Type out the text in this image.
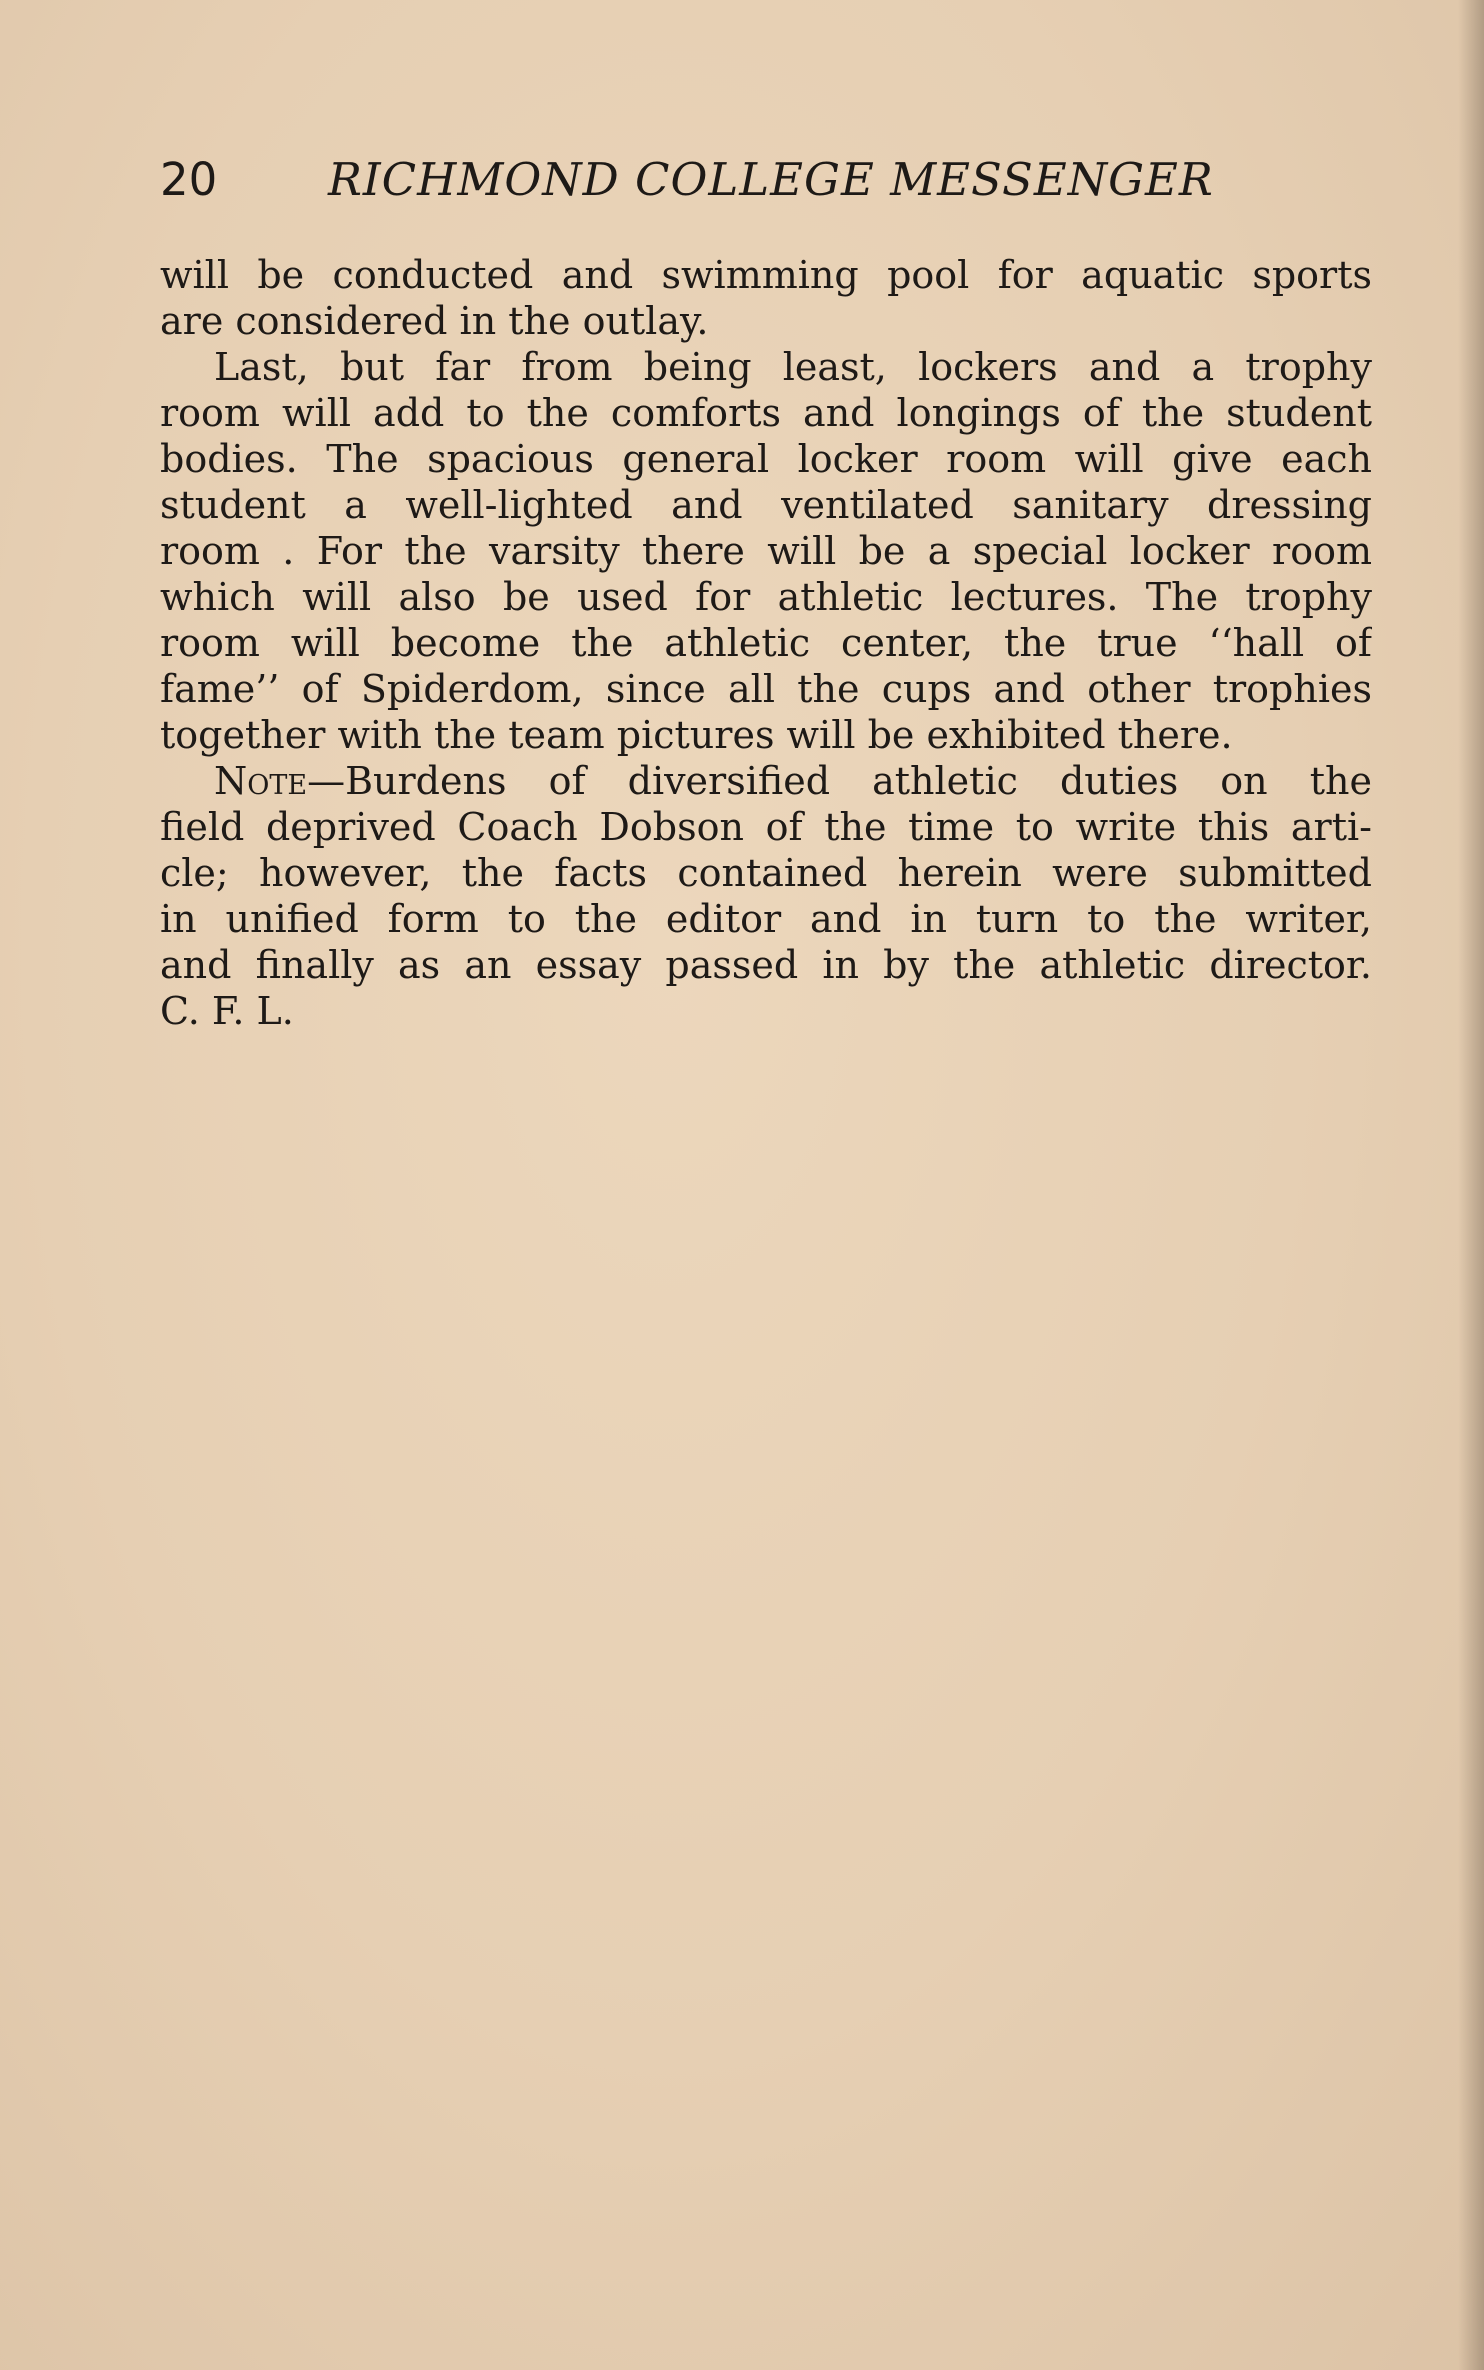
20 RICHMOND COLLEGE MESSENGER
will be conducted and swimming pool for aquatic sports
are considered in the outlay.
Last, but far from being least, lockers and a trophy
room will add to the comforts and longings of the student
bodies. The spacious general locker room will give each
student a well-lighted and ventilated sanitary dressing
room . For the varsity there will be a special locker room
which will also be used for athletic lectures. The trophy
room will become the athletic center, the true ‘‘hall of
fame’’ of Spiderdom, since all the cups and other trophies
together with the team pictures will be exhibited there.
Note—Burdens of diversified athletic duties on the
field deprived Coach Dobson of the time to write this arti-
cle; however, the facts contained herein were submitted
in unified form to the editor and in turn to the writer,
and finally as an essay passed in by the athletic director.
C. F. L.
